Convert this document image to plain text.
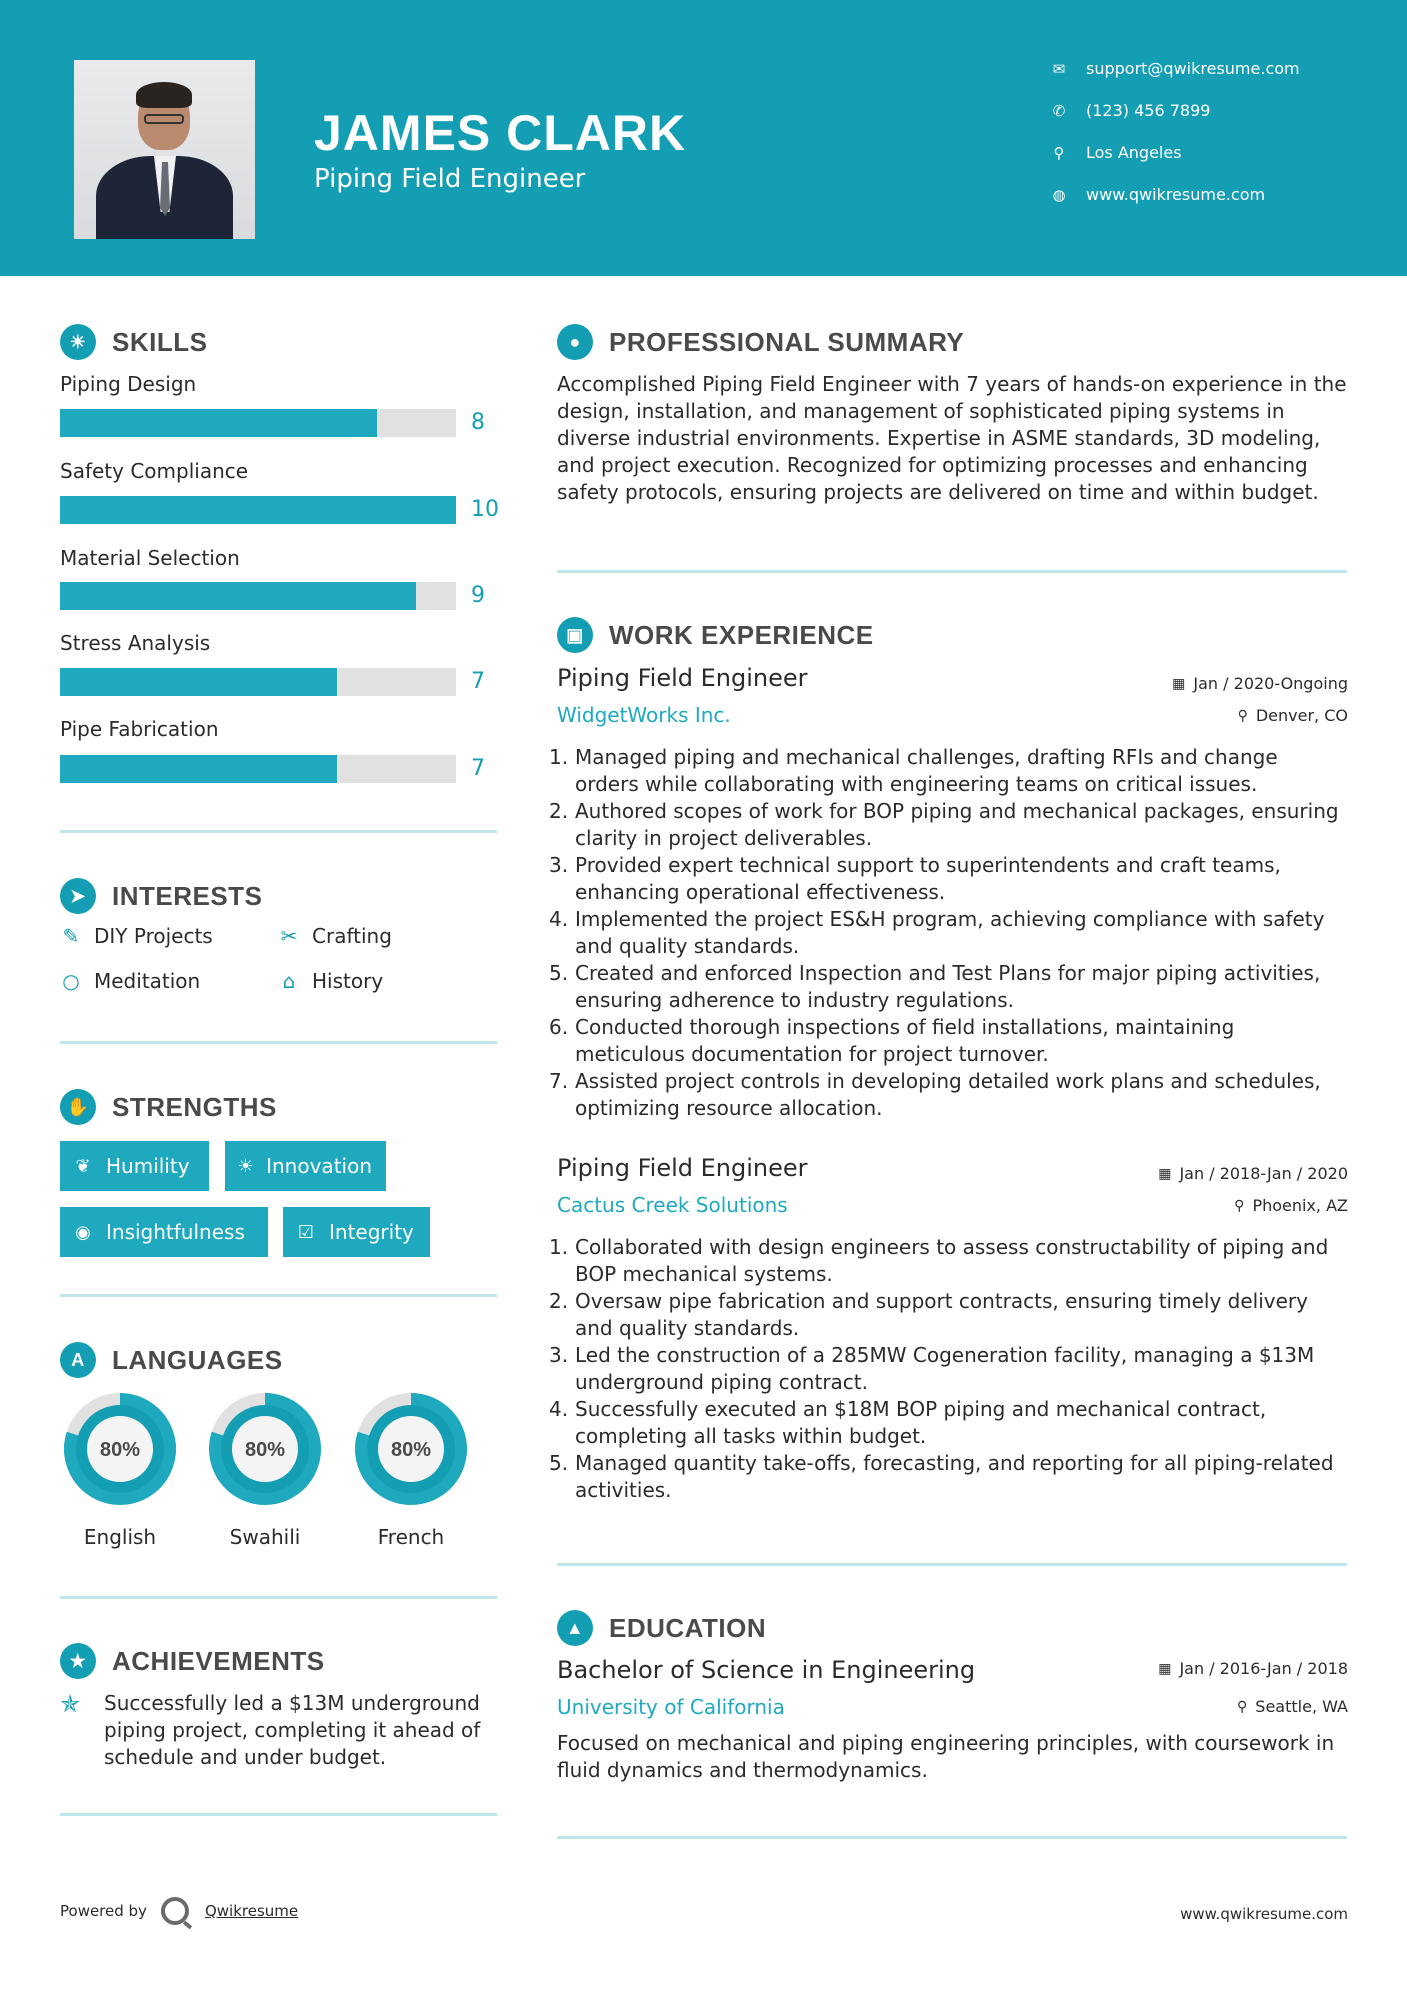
JAMES CLARK
Piping Field Engineer
✉ support@qwikresume.com
✆ (123) 456 7899
⚲ Los Angeles
◍ www.qwikresume.com
☀ SKILLS
Piping Design
8
Safety Compliance
10
Material Selection
9
Stress Analysis
7
Pipe Fabrication
7
➤	INTERESTS
✎ DIY Projects	✂ Crafting
○ Meditation	⌂ History
✋ STRENGTHS
❦ Humility	☀ Innovation
◉ Insightfulness	☑ Integrity
A	LANGUAGES
80%	80%	80%
English	Swahili	French
★ ACHIEVEMENTS
✯ Successfully led a $13M underground piping project, completing it ahead of schedule and under budget.
●	PROFESSIONAL SUMMARY
Accomplished Piping Field Engineer with 7 years of hands-on experience in the design, installation, and management of sophisticated piping systems in diverse industrial environments. Expertise in ASME standards, 3D modeling, and project execution. Recognized for optimizing processes and enhancing safety protocols, ensuring projects are delivered on time and within budget.
▣ WORK EXPERIENCE
Piping Field Engineer	▦ Jan / 2020-Ongoing
WidgetWorks Inc.	⚲ Denver, CO
1. Managed piping and mechanical challenges, drafting RFIs and change orders while collaborating with engineering teams on critical issues.
2. Authored scopes of work for BOP piping and mechanical packages, ensuring clarity in project deliverables.
3. Provided expert technical support to superintendents and craft teams, enhancing operational effectiveness.
4. Implemented the project ES&H program, achieving compliance with safety and quality standards.
5. Created and enforced Inspection and Test Plans for major piping activities, ensuring adherence to industry regulations.
6. Conducted thorough inspections of field installations, maintaining meticulous documentation for project turnover.
7. Assisted project controls in developing detailed work plans and schedules, optimizing resource allocation.
Piping Field Engineer	▦ Jan / 2018-Jan / 2020
Cactus Creek Solutions	⚲ Phoenix, AZ
1. Collaborated with design engineers to assess constructability of piping and BOP mechanical systems.
2. Oversaw pipe fabrication and support contracts, ensuring timely delivery and quality standards.
3. Led the construction of a 285MW Cogeneration facility, managing a $13M underground piping contract.
4. Successfully executed an $18M BOP piping and mechanical contract, completing all tasks within budget.
5. Managed quantity take-offs, forecasting, and reporting for all piping-related activities.
▲ EDUCATION
Bachelor of Science in Engineering	▦ Jan / 2016-Jan / 2018
University of California	⚲ Seattle, WA
Focused on mechanical and piping engineering principles, with coursework in fluid dynamics and thermodynamics.
Powered by	Qwikresume	www.qwikresume.com
